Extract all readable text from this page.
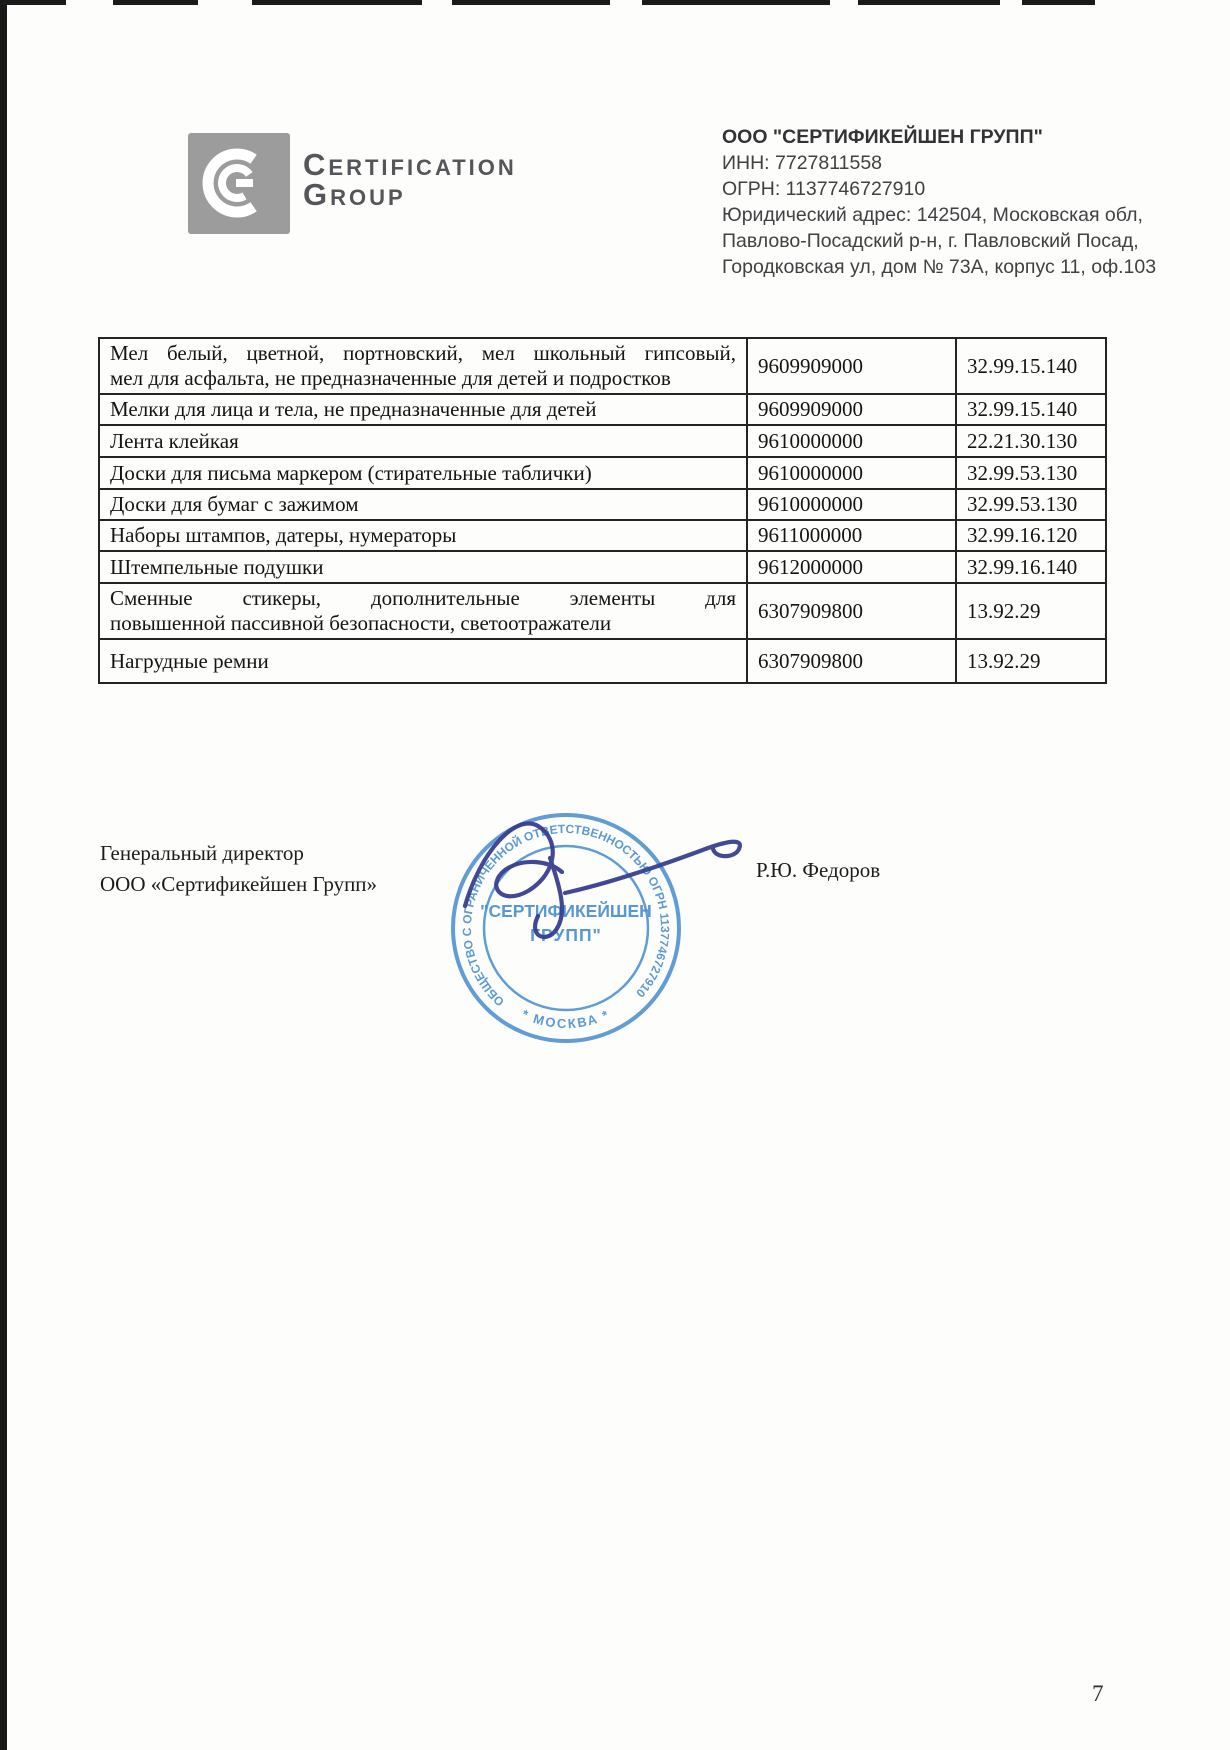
Certification
Group
ООО "СЕРТИФИКЕЙШЕН ГРУПП"
ИНН: 7727811558
ОГРН: 1137746727910
Юридический адрес: 142504, Московская обл,
Павлово-Посадский р-н, г. Павловский Посад,
Городковская ул, дом № 73А, корпус 11, оф.103
Мел белый, цветной, портновский, мел школьный гипсовый,
мел для асфальта, не предназначенные для детей и подростков	9609909000	32.99.15.140
Мелки для лица и тела, не предназначенные для детей	9609909000	32.99.15.140
Лента клейкая	9610000000	22.21.30.130
Доски для письма маркером (стирательные таблички)	9610000000	32.99.53.130
Доски для бумаг с зажимом	9610000000	32.99.53.130
Наборы штампов, датеры, нумераторы	9611000000	32.99.16.120
Штемпельные подушки	9612000000	32.99.16.140

Сменные стикеры, дополнительные элементы для
повышенной пассивной безопасности, светоотражатели	6307909800	13.92.29
Нагрудные ремни	6307909800	13.92.29
Генеральный директор
ООО «Сертификейшен Групп»
Р.Ю. Федоров
ОБЩЕСТВО С ОГРАНИЧЕННОЙ ОТВЕТСТВЕННОСТЬЮ ОГРН 1137746727910
* МОСКВА *
"СЕРТИФИКЕЙШЕН
ГРУПП"
7
